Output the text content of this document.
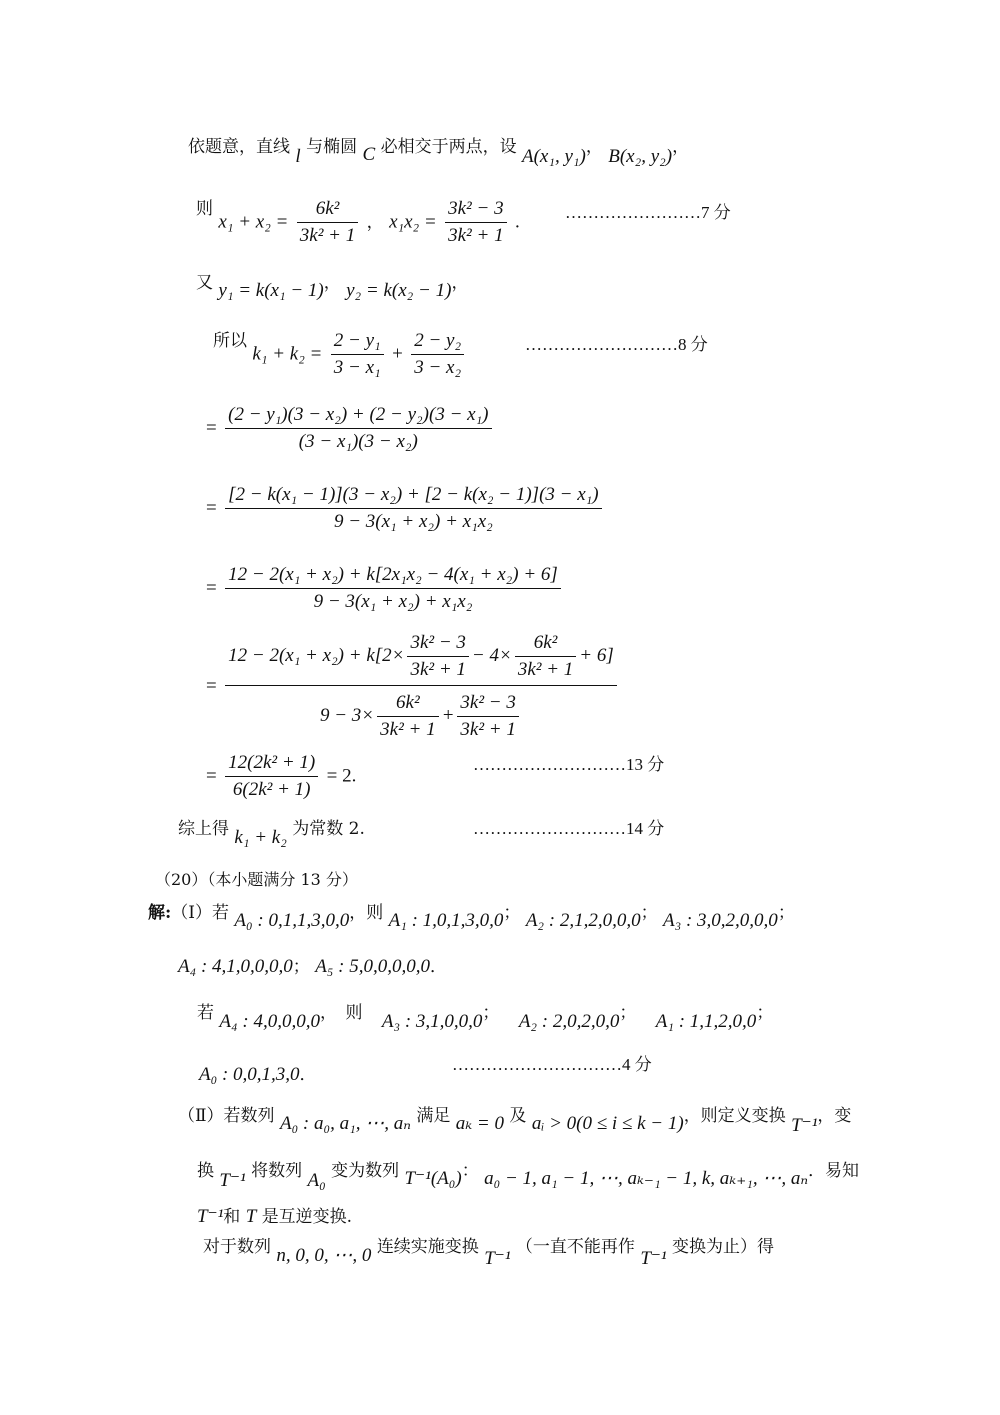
依题意，直线 l 与椭圆 C 必相交于两点，设 A(x₁, y₁)， B(x₂, y₂)，
则 $x_1 + x_2 = \frac{\text{6k²}}{\text{3k² + 1}}$ ， $x_1x_2 = \frac{\text{3k² − 3}}{\text{3k² + 1}}$ .	……………………7 分
又 y₁ = k(x₁ − 1)， y₂ = k(x₂ − 1)，
所以 $k_1 + k_2 = \frac{\text{2 − y₁}}{\text{3 − x₁}} + \frac{\text{2 − y₂}}{\text{3 − x₂}}$	………………………8 分
= $\frac{\text{(2 − y₁)(3 − x₂) + (2 − y₂)(3 − x₁)}}{\text{(3 − x₁)(3 − x₂)}}$
= $\frac{\text{[2 − k(x₁ − 1)](3 − x₂) + [2 − k(x₂ − 1)](3 − x₁)}}{\text{9 − 3(x₁ + x₂) + x₁x₂}}$
= $\frac{\text{12 − 2(x₁ + x₂) + k[2x₁x₂ − 4(x₁ + x₂) + 6]}}{\text{9 − 3(x₁ + x₂) + x₁x₂}}$
= $\frac{12 - 2(x_1 + x_2) + k[2\times \frac{\text{3k² − 3}}{\text{3k² + 1}} - 4\times \frac{\text{6k²}}{\text{3k² + 1}} + 6]}{9 - 3\times \frac{\text{6k²}}{\text{3k² + 1}} + \frac{\text{3k² − 3}}{\text{3k² + 1}}}$
= $\frac{\text{12(2k² + 1)}}{\text{6(2k² + 1)}} = 2$.
………………………13 分
综上得 k₁ + k₂ 为常数 2.	………………………14 分
（20）（本小题满分 13 分）
解:（Ⅰ）若 A₀ : 0,1,1,3,0,0，则 A₁ : 1,0,1,3,0,0； A₂ : 2,1,2,0,0,0； A₃ : 3,0,2,0,0,0；
A₄ : 4,1,0,0,0,0； A₅ : 5,0,0,0,0,0．
若 A₄ : 4,0,0,0,0，　则 A₃ : 3,1,0,0,0； A₂ : 2,0,2,0,0； A₁ : 1,1,2,0,0；
A₀ : 0,0,1,3,0．
…………………………4 分
（Ⅱ）若数列 A₀ : a₀, a₁, ⋯, aₙ 满足 aₖ = 0 及 aᵢ > 0(0 ≤ i ≤ k − 1)，则定义变换 T⁻¹，变
换 T⁻¹ 将数列 A₀ 变为数列 T⁻¹(A₀)： a₀ − 1, a₁ − 1, ⋯, aₖ₋₁ − 1, k, aₖ₊₁, ⋯, aₙ．易知
T⁻¹和 T 是互逆变换.
对于数列 n, 0, 0, ⋯, 0 连续实施变换 T⁻¹ （一直不能再作 T⁻¹ 变换为止）得
